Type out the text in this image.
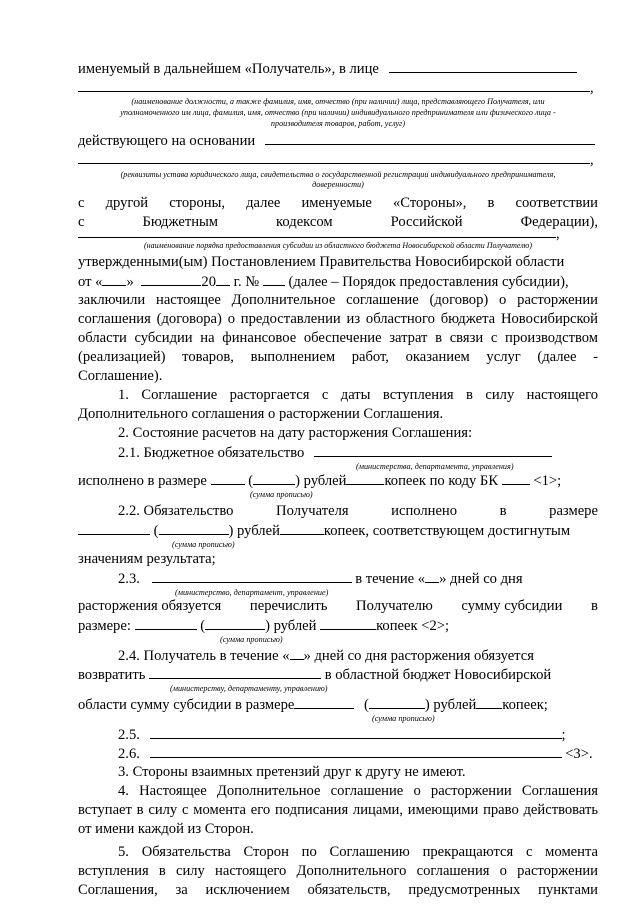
именуемый в дальнейшем «Получатель», в лице
,
(наименование должности, а также фамилия, имя, отчество (при наличии) лица, представляющего Получателя, или
уполномоченного им лица, фамилия, имя, отчество (при наличии) индивидуального предпринимателя или физического лица -
производителя товаров, работ, услуг)
действующего на основании
,
(реквизиты устава юридического лица, свидетельства о государственной регистрации индивидуального предпринимателя,
доверенности)
с другой стороны, далее именуемые «Стороны», в соответствии
с	Бюджетным	кодексом	Российской	Федерации),
,
(наименование порядка предоставления субсидии из областного бюджета Новосибирской области Получателю)
утвержденными(ым) Постановлением Правительства Новосибирской области
от « »	20 г. № (далее – Порядок предоставления субсидии),
заключили настоящее Дополнительное соглашение (договор) о расторжении
соглашения (договора) о предоставлении из областного бюджета Новосибирской
области субсидии на финансовое обеспечение затрат в связи с производством
(реализацией) товаров, выполнением работ, оказанием услуг (далее -
Соглашение).
1. Соглашение расторгается с даты вступления в силу настоящего
Дополнительного соглашения о расторжении Соглашения.
2. Состояние расчетов на дату расторжения Соглашения:
2.1. Бюджетное обязательство
(министерства, департамента, управления)
исполнено в размере	(	) рублей	копеек по коду БК <1>;
(сумма прописью)
2.2. Обязательство	Получателя	исполнено	в	размере
(	) рублей	копеек, соответствующем достигнутым
(сумма прописью)
значениям результата;
2.3.	в течение « » дней со дня
(министерство, департамент, управление)
расторжения обязуется перечислить Получателю сумму субсидии в
размере:	(	) рублей	копеек <2>;
(сумма прописью)
2.4. Получатель в течение « » дней со дня расторжения обязуется
возвратить	в областной бюджет Новосибирской
(министерству, департаменту, управлению)
области сумму субсидии в размере	(	) рублей копеек;
(сумма прописью)
2.5.	;
2.6.	<3>.
3. Стороны взаимных претензий друг к другу не имеют.
4. Настоящее Дополнительное соглашение о расторжении Соглашения
вступает в силу с момента его подписания лицами, имеющими право действовать
от имени каждой из Сторон.
5. Обязательства Сторон по Соглашению прекращаются с момента
вступления в силу настоящего Дополнительного соглашения о расторжении
Соглашения, за исключением обязательств, предусмотренных пунктами
